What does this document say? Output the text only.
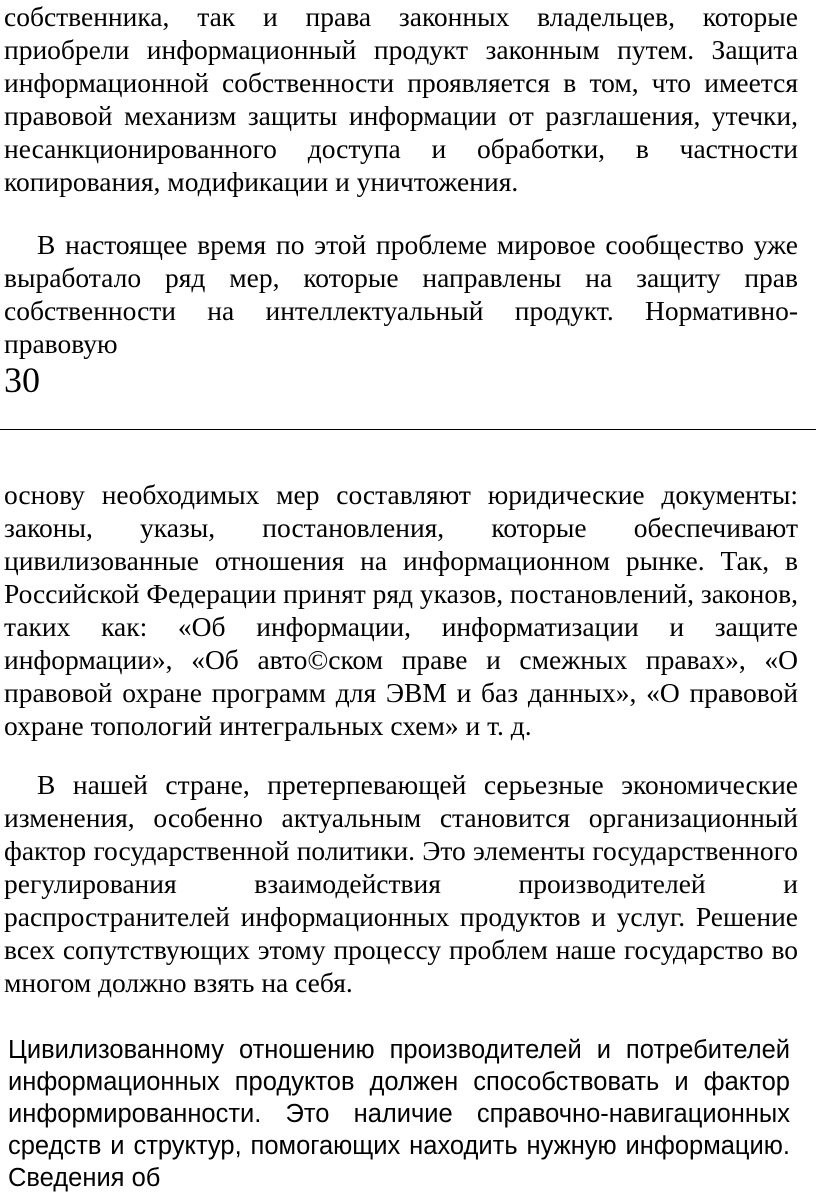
собственника, так и права законных владельцев, которые приобрели информационный продукт законным путем. Защита информационной собственности проявляется в том, что имеется правовой механизм защиты информации от разглашения, утечки, несанкционированного доступа и обработки, в частности копирования, модификации и уничтожения.

В настоящее время по этой проблеме мировое сообщество уже выработало ряд мер, которые направлены на защиту прав собственности на интеллектуальный продукт. Нормативно-правовую

30

основу необходимых мер составляют юридические документы: законы, указы, постановления, которые обеспечивают цивилизованные отношения на информационном рынке. Так, в Российской Федерации принят ряд указов, постановлений, законов, таких как: «Об информации, информатизации и защите информации», «Об авто©ском праве и смежных правах», «О правовой охране программ для ЭВМ и баз данных», «О правовой охране топологий интегральных схем» и т. д.

В нашей стране, претерпевающей серьезные экономические изменения, особенно актуальным становится организационный фактор государственной политики. Это элементы государственного регулирования взаимодействия производителей и распространителей информационных продуктов и услуг. Решение всех сопутствующих этому процессу проблем наше государство во многом должно взять на себя.

Цивилизованному отношению производителей и потребителей информационных продуктов должен способствовать и фактор информированности. Это наличие справочно-навигационных средств и структур, помогающих находить нужную информацию. Сведения об
